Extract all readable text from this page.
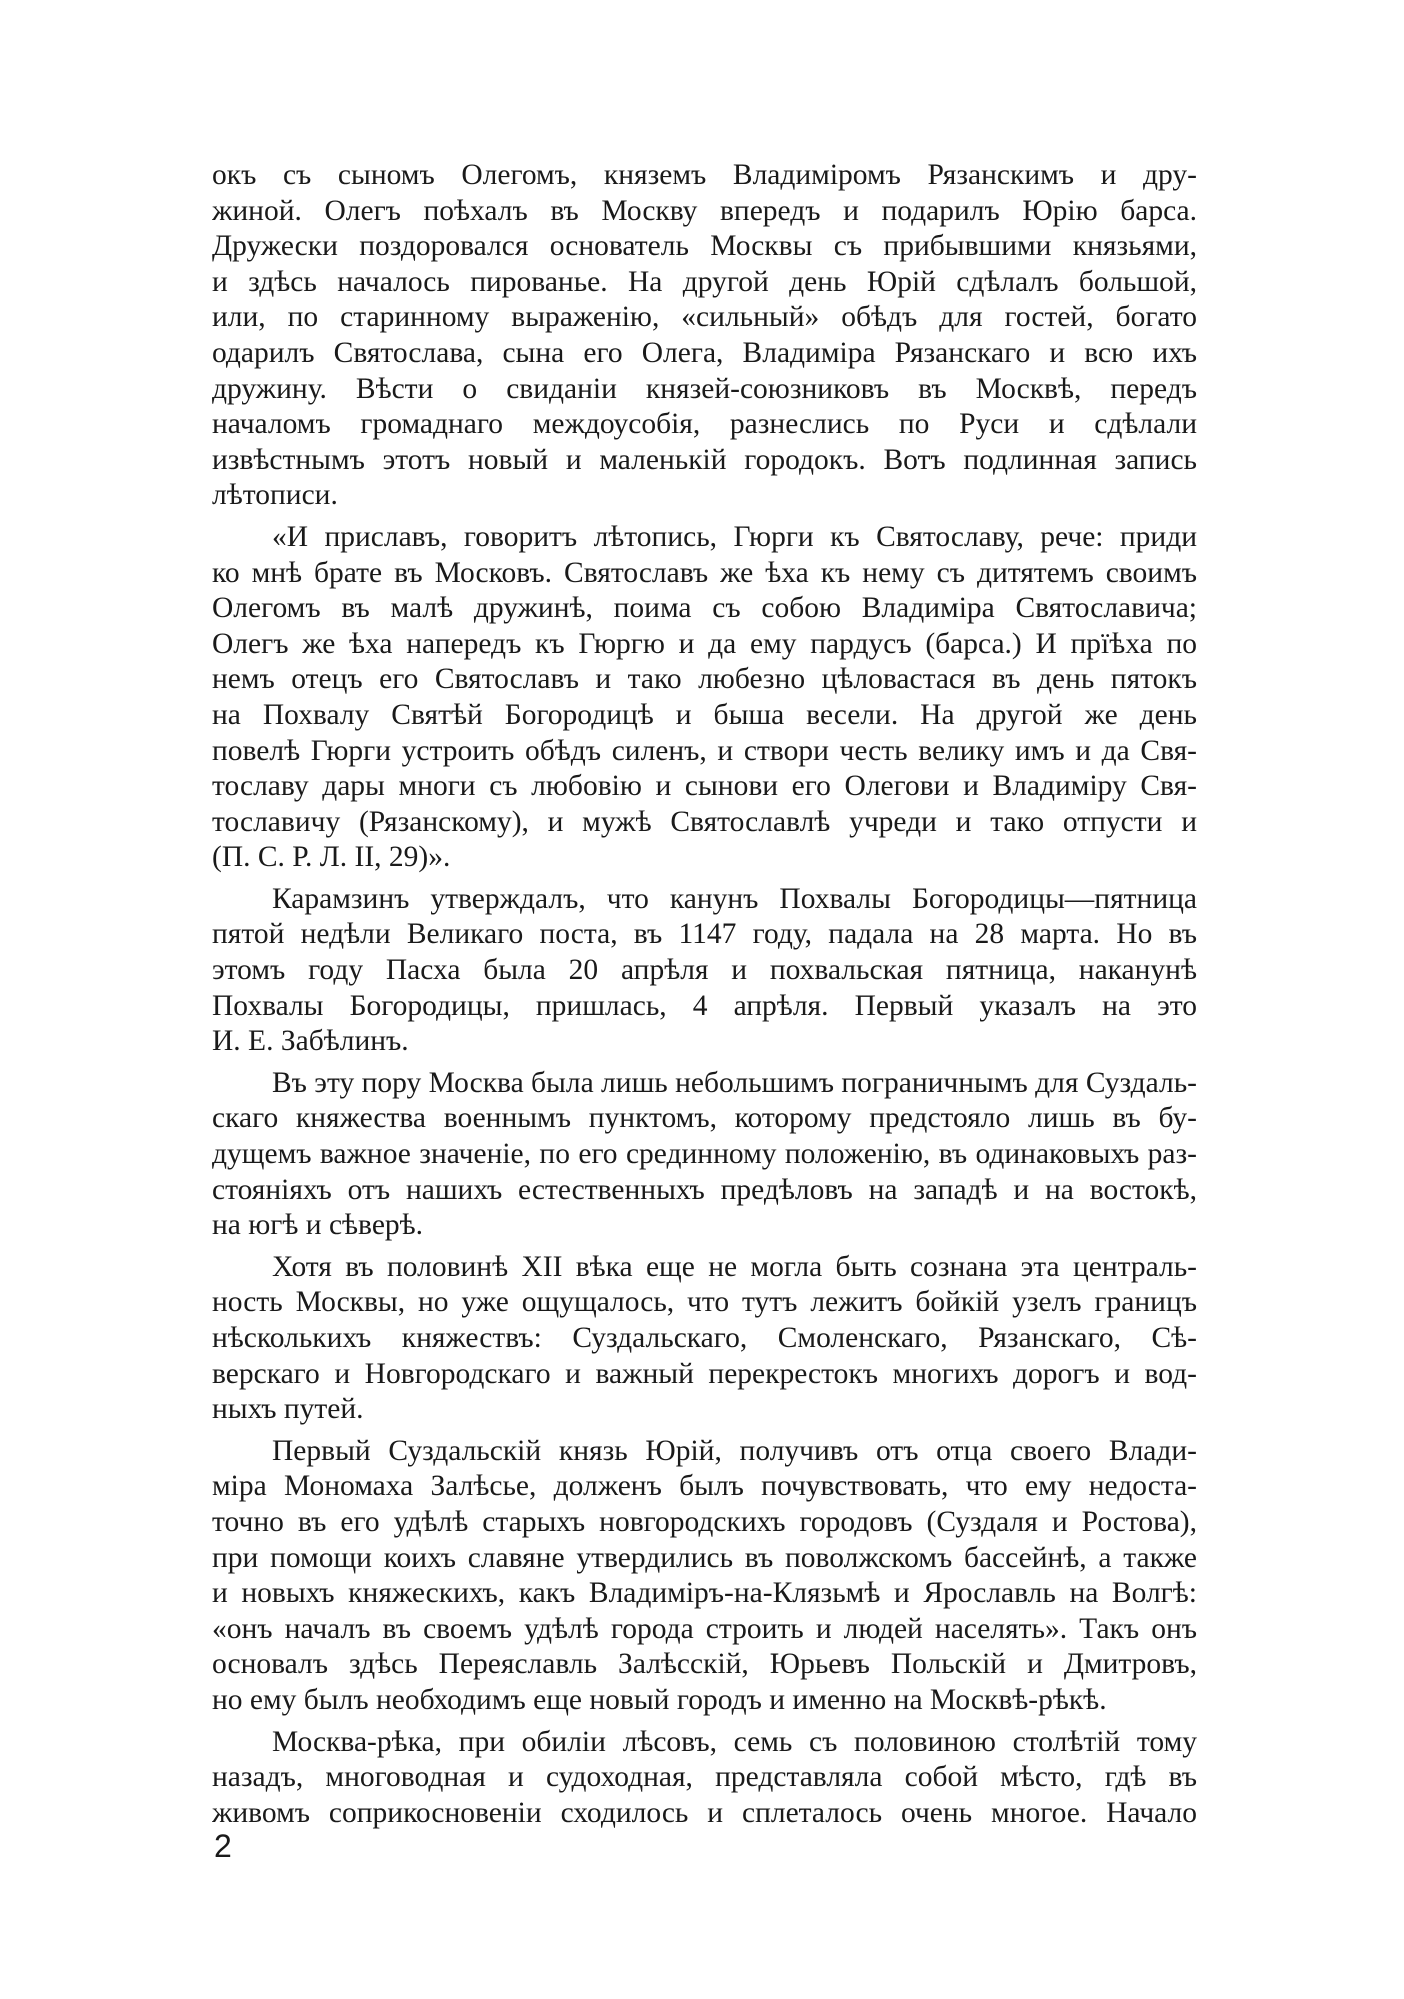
окъ съ сыномъ Олегомъ, княземъ Владиміромъ Рязанскимъ и дру-
жиной. Олегъ поѣхалъ въ Москву впередъ и подарилъ Юрію барса.
Дружески поздоровался основатель Москвы съ прибывшими князьями,
и здѣсь началось пированье. На другой день Юрій сдѣлалъ большой,
или, по старинному выраженію, «сильный» обѣдъ для гостей, богато
одарилъ Святослава, сына его Олега, Владиміра Рязанскаго и всю ихъ
дружину. Вѣсти о свиданіи князей-союзниковъ въ Москвѣ, передъ
началомъ громаднаго междоусобія, разнеслись по Руси и сдѣлали
извѣстнымъ этотъ новый и маленькій городокъ. Вотъ подлинная запись
лѣтописи.

«И приславъ, говоритъ лѣтопись, Гюрги къ Святославу, рече: приди
ко мнѣ брате въ Московъ. Святославъ же ѣха къ нему съ дитятемъ своимъ
Олегомъ въ малѣ дружинѣ, поима съ собою Владиміра Святославича;
Олегъ же ѣха напередъ къ Гюргю и да ему пардусъ (барса.) И прїѣха по
немъ отецъ его Святославъ и тако любезно цѣловастася въ день пятокъ
на Похвалу Святѣй Богородицѣ и быша весели. На другой же день
повелѣ Гюрги устроить обѣдъ силенъ, и створи честь велику имъ и да Свя-
тославу дары многи съ любовію и сынови его Олегови и Владиміру Свя-
тославичу (Рязанскому), и мужѣ Святославлѣ учреди и тако отпусти и
(П. С. Р. Л. II, 29)».

Карамзинъ утверждалъ, что канунъ Похвалы Богородицы—пятница
пятой недѣли Великаго поста, въ 1147 году, падала на 28 марта. Но въ
этомъ году Пасха была 20 апрѣля и похвальская пятница, наканунѣ
Похвалы Богородицы, пришлась, 4 апрѣля. Первый указалъ на это
И. Е. Забѣлинъ.

Въ эту пору Москва была лишь небольшимъ пограничнымъ для Суздаль-
скаго княжества военнымъ пунктомъ, которому предстояло лишь въ бу-
дущемъ важное значеніе, по его срединному положенію, въ одинаковыхъ раз-
стояніяхъ отъ нашихъ естественныхъ предѣловъ на западѣ и на востокѣ,
на югѣ и сѣверѣ.

Хотя въ половинѣ XII вѣка еще не могла быть сознана эта централь-
ность Москвы, но уже ощущалось, что тутъ лежитъ бойкій узелъ границъ
нѣсколькихъ княжествъ: Суздальскаго, Смоленскаго, Рязанскаго, Сѣ-
верскаго и Новгородскаго и важный перекрестокъ многихъ дорогъ и вод-
ныхъ путей.

Первый Суздальскій князь Юрій, получивъ отъ отца своего Влади-
міра Мономаха Залѣсье, долженъ былъ почувствовать, что ему недоста-
точно въ его удѣлѣ старыхъ новгородскихъ городовъ (Суздаля и Ростова),
при помощи коихъ славяне утвердились въ поволжскомъ бассейнѣ, а также
и новыхъ княжескихъ, какъ Владиміръ-на-Клязьмѣ и Ярославль на Волгѣ:
«онъ началъ въ своемъ удѣлѣ города строить и людей населять». Такъ онъ
основалъ здѣсь Переяславль Залѣсскій, Юрьевъ Польскій и Дмитровъ,
но ему былъ необходимъ еще новый городъ и именно на Москвѣ-рѣкѣ.

Москва-рѣка, при обиліи лѣсовъ, семь съ половиною столѣтій тому
назадъ, многоводная и судоходная, представляла собой мѣсто, гдѣ въ
живомъ соприкосновеніи сходилось и сплеталось очень многое. Начало

2
